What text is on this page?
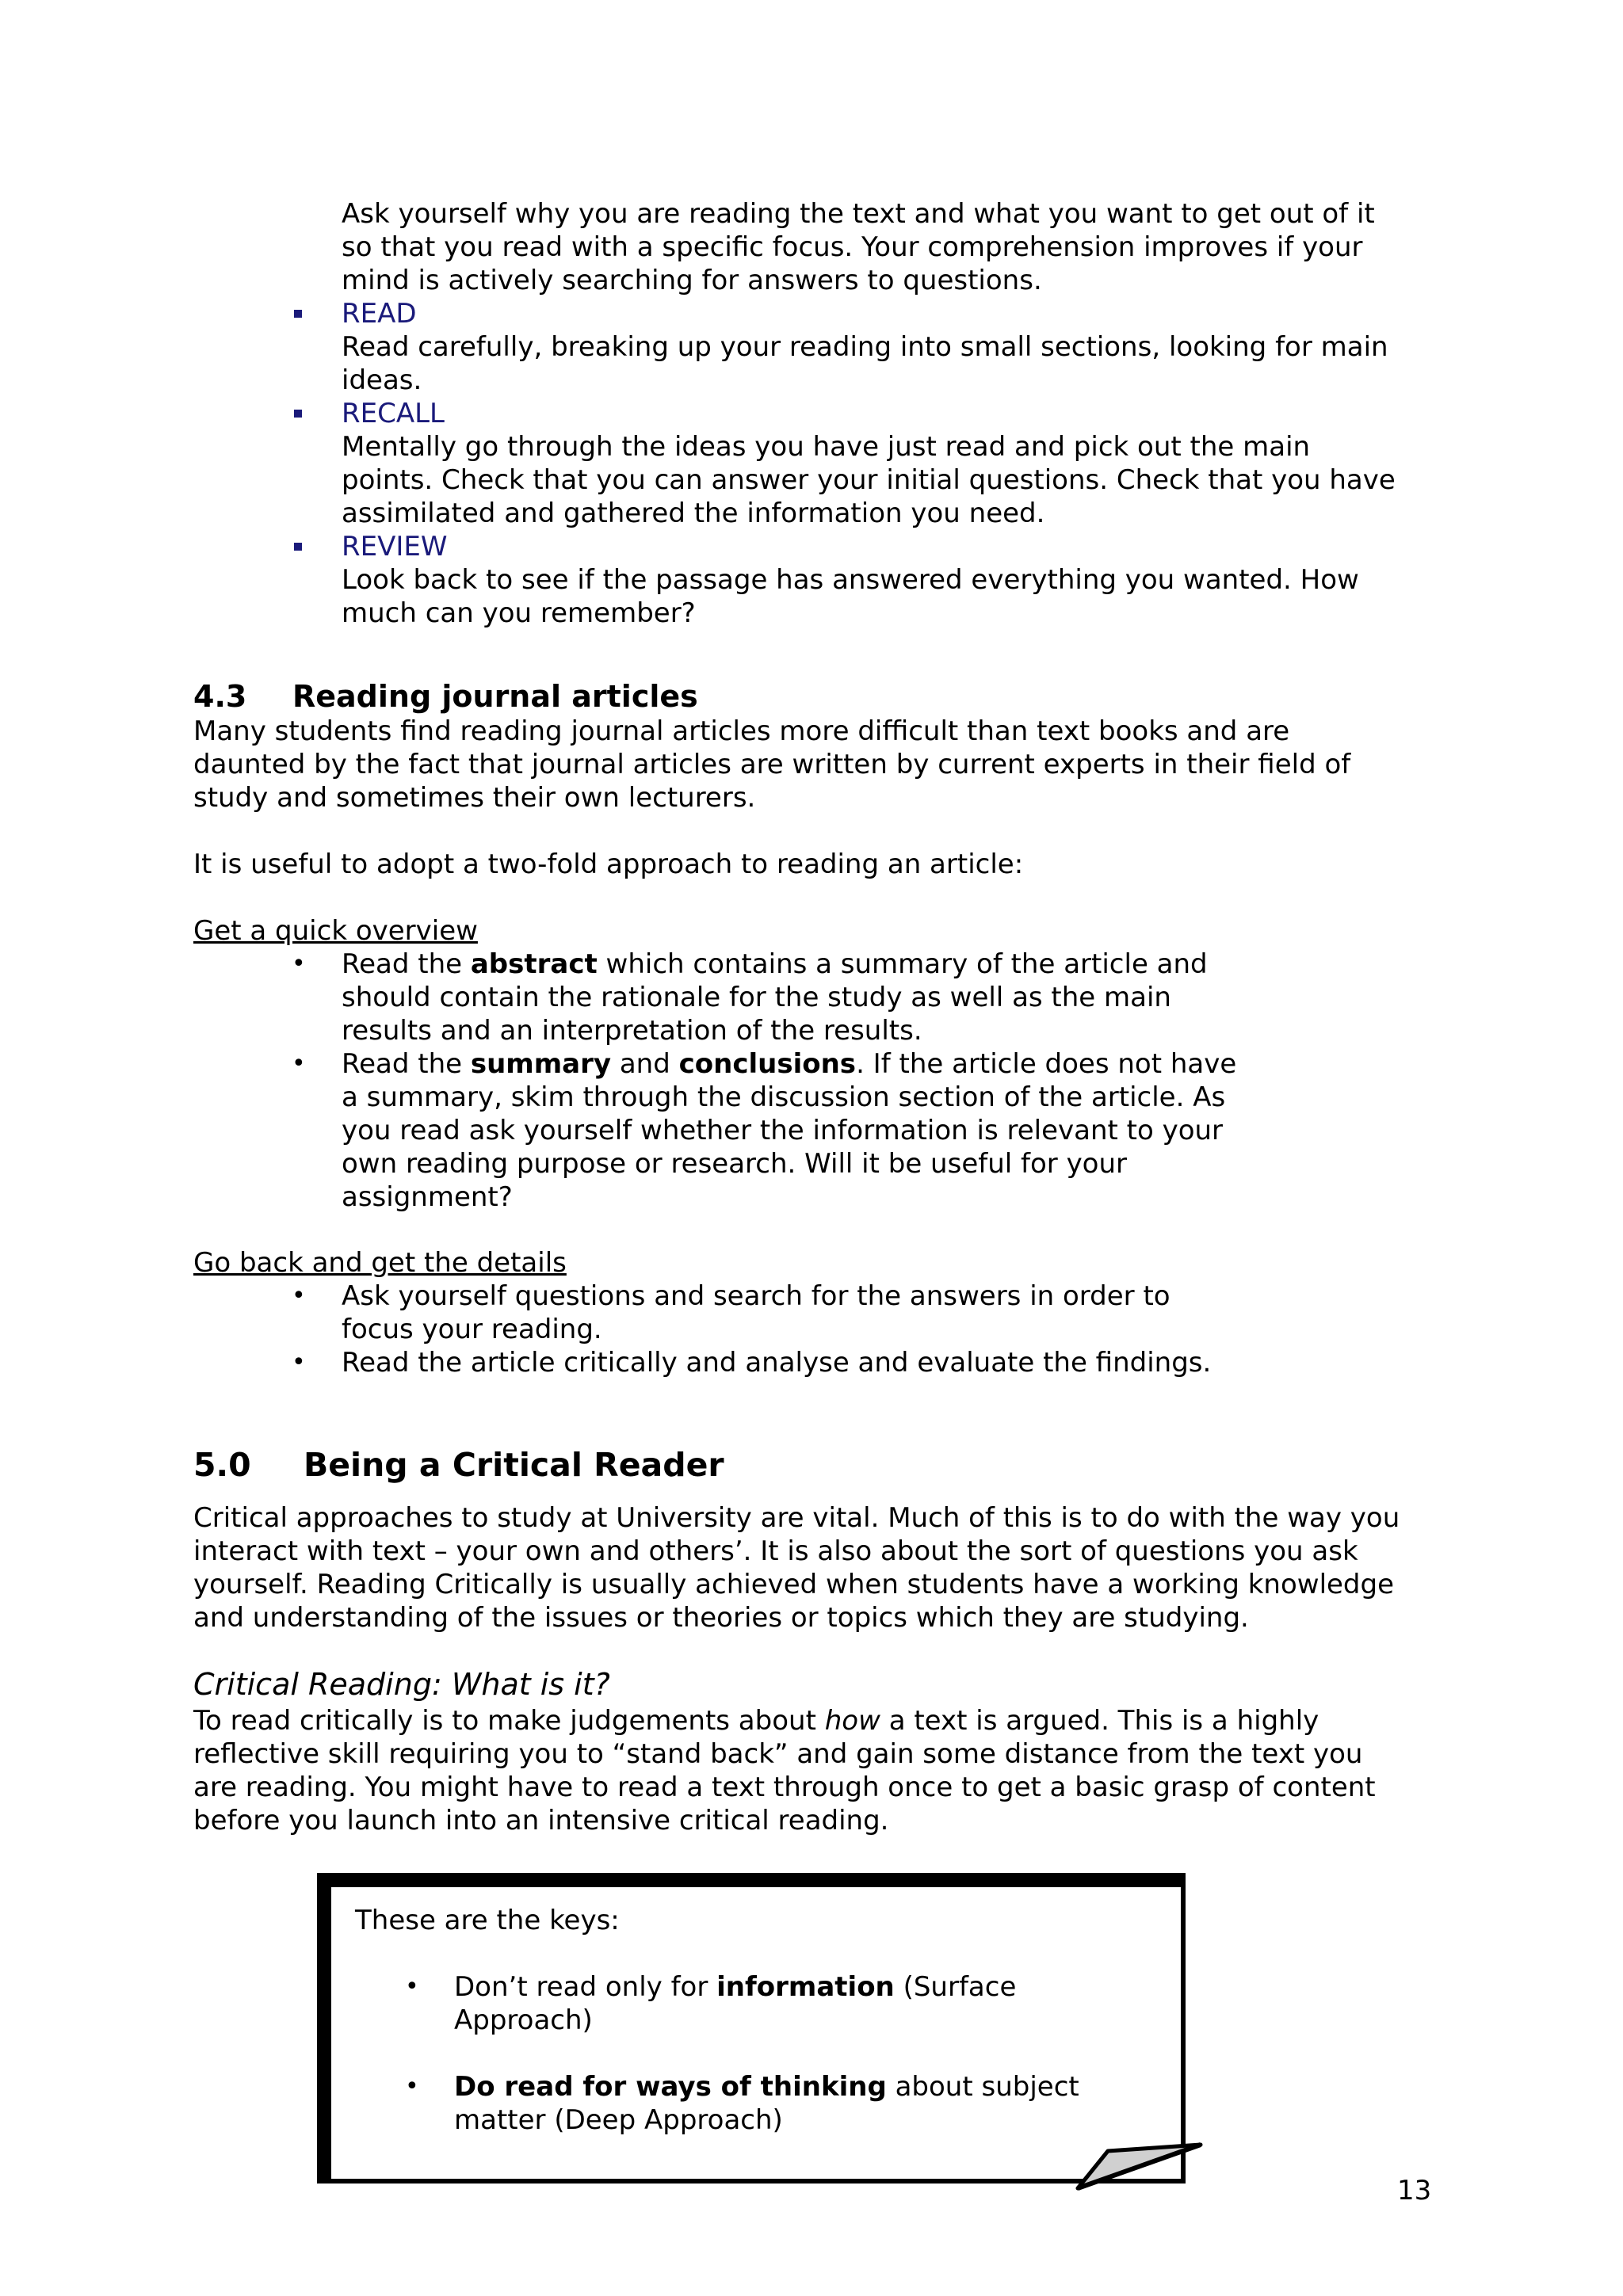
Ask yourself why you are reading the text and what you want to get out of it
so that you read with a specific focus. Your comprehension improves if your
mind is actively searching for answers to questions.
READ
Read carefully, breaking up your reading into small sections, looking for main
ideas.
RECALL
Mentally go through the ideas you have just read and pick out the main
points. Check that you can answer your initial questions. Check that you have
assimilated and gathered the information you need.
REVIEW
Look back to see if the passage has answered everything you wanted. How
much can you remember?
4.3 Reading journal articles
Many students find reading journal articles more difficult than text books and are
daunted by the fact that journal articles are written by current experts in their field of
study and sometimes their own lecturers.
It is useful to adopt a two-fold approach to reading an article:
Get a quick overview
• Read the abstract which contains a summary of the article and
should contain the rationale for the study as well as the main
results and an interpretation of the results.
• Read the summary and conclusions. If the article does not have
a summary, skim through the discussion section of the article. As
you read ask yourself whether the information is relevant to your
own reading purpose or research. Will it be useful for your
assignment?
Go back and get the details
• Ask yourself questions and search for the answers in order to
focus your reading.
• Read the article critically and analyse and evaluate the findings.
5.0 Being a Critical Reader
Critical approaches to study at University are vital. Much of this is to do with the way you
interact with text – your own and others’. It is also about the sort of questions you ask
yourself. Reading Critically is usually achieved when students have a working knowledge
and understanding of the issues or theories or topics which they are studying.
Critical Reading: What is it?
To read critically is to make judgements about how a text is argued. This is a highly
reflective skill requiring you to “stand back” and gain some distance from the text you
are reading. You might have to read a text through once to get a basic grasp of content
before you launch into an intensive critical reading.
These are the keys:
• Don’t read only for information (Surface
Approach)
• Do read for ways of thinking about subject
matter (Deep Approach)
13
